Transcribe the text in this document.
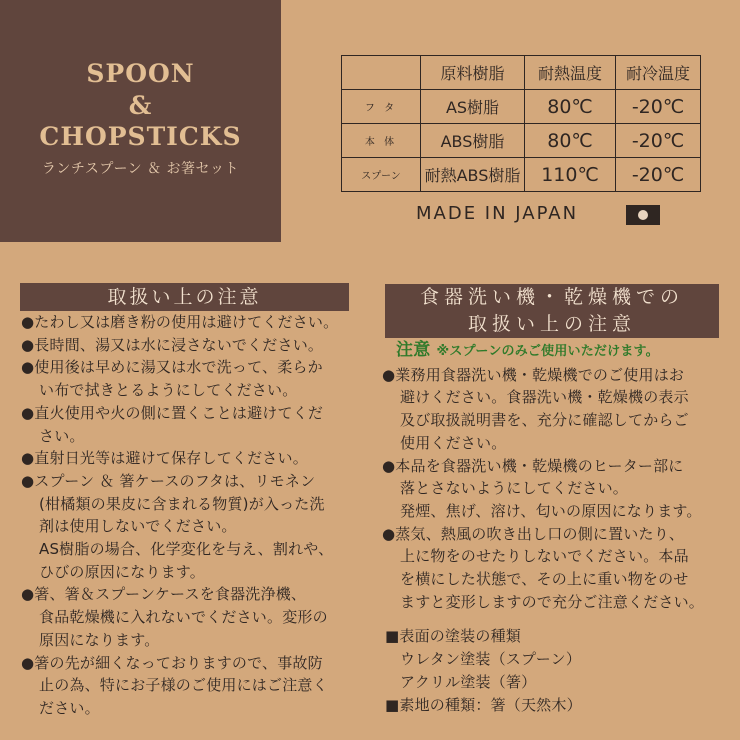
SPOON
&
CHOPSTICKS
ランチスプーン ＆ お箸セット
	原料樹脂	耐熱温度	耐冷温度
フ タ	AS樹脂	80℃	-20℃
本 体	ABS樹脂	80℃	-20℃
スプーン	耐熱ABS樹脂	110℃	-20℃
MADE IN JAPAN
取扱い上の注意
●たわし又は磨き粉の使用は避けてください。
●長時間、湯又は水に浸さないでください。
●使用後は早めに湯又は水で洗って、柔らか
い布で拭きとるようにしてください。
●直火使用や火の側に置くことは避けてくだ
さい。
●直射日光等は避けて保存してください。
●スプーン ＆ 箸ケースのフタは、リモネン
(柑橘類の果皮に含まれる物質)が入った洗
剤は使用しないでください。
AS樹脂の場合、化学変化を与え、割れや、
ひびの原因になります。
●箸、箸＆スプーンケースを食器洗浄機、
食品乾燥機に入れないでください。変形の
原因になります。
●箸の先が細くなっておりますので、事故防
止の為、特にお子様のご使用にはご注意く
ださい。
食器洗い機・乾燥機での
取扱い上の注意
注意 ※スプーンのみご使用いただけます。
●業務用食器洗い機・乾燥機でのご使用はお
避けください。食器洗い機・乾燥機の表示
及び取扱説明書を、充分に確認してからご
使用ください。
●本品を食器洗い機・乾燥機のヒーター部に
落とさないようにしてください。
発煙、焦げ、溶け、匂いの原因になります。
●蒸気、熱風の吹き出し口の側に置いたり、
上に物をのせたりしないでください。本品
を横にした状態で、その上に重い物をのせ
ますと変形しますので充分ご注意ください。
■表面の塗装の種類
ウレタン塗装（スプーン）
アクリル塗装（箸）
■素地の種類：箸（天然木）
